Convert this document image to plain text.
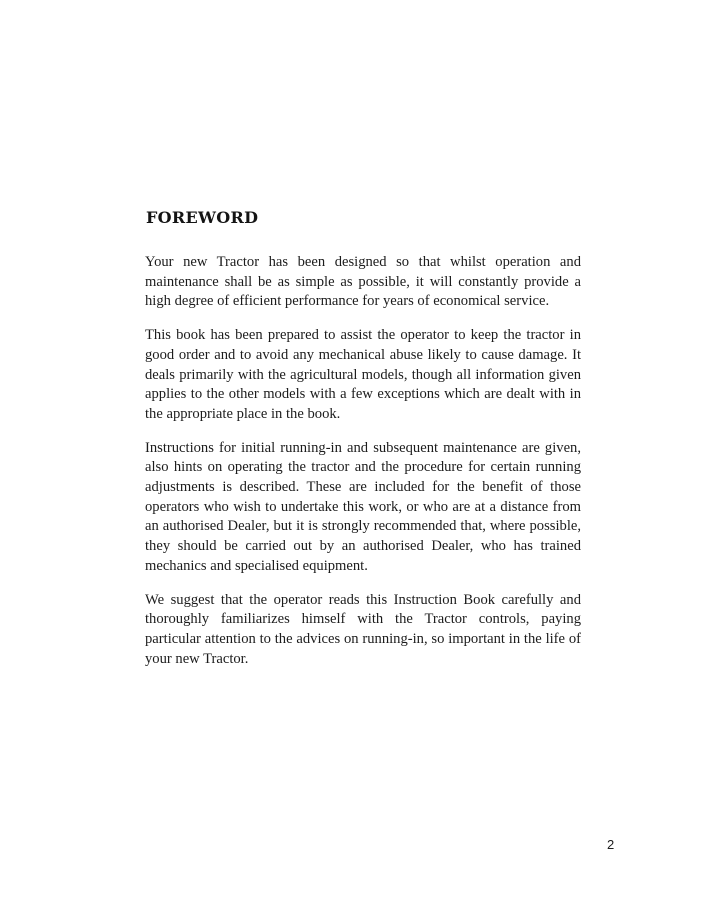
FOREWORD

Your new Tractor has been designed so that whilst operation and maintenance shall be as simple as possible, it will constantly provide a high degree of efficient performance for years of economical service.

This book has been prepared to assist the operator to keep the tractor in good order and to avoid any mechanical abuse likely to cause damage. It deals primarily with the agricultural models, though all information given applies to the other models with a few exceptions which are dealt with in the appropriate place in the book.

Instructions for initial running-in and subsequent maintenance are given, also hints on operating the tractor and the procedure for certain running adjustments is described. These are included for the benefit of those operators who wish to undertake this work, or who are at a distance from an authorised Dealer, but it is strongly recommended that, where possible, they should be carried out by an authorised Dealer, who has trained mechanics and specialised equipment.

We suggest that the operator reads this Instruction Book carefully and thoroughly familiarizes himself with the Tractor controls, paying particular attention to the advices on running-in, so important in the life of your new Tractor.

2
